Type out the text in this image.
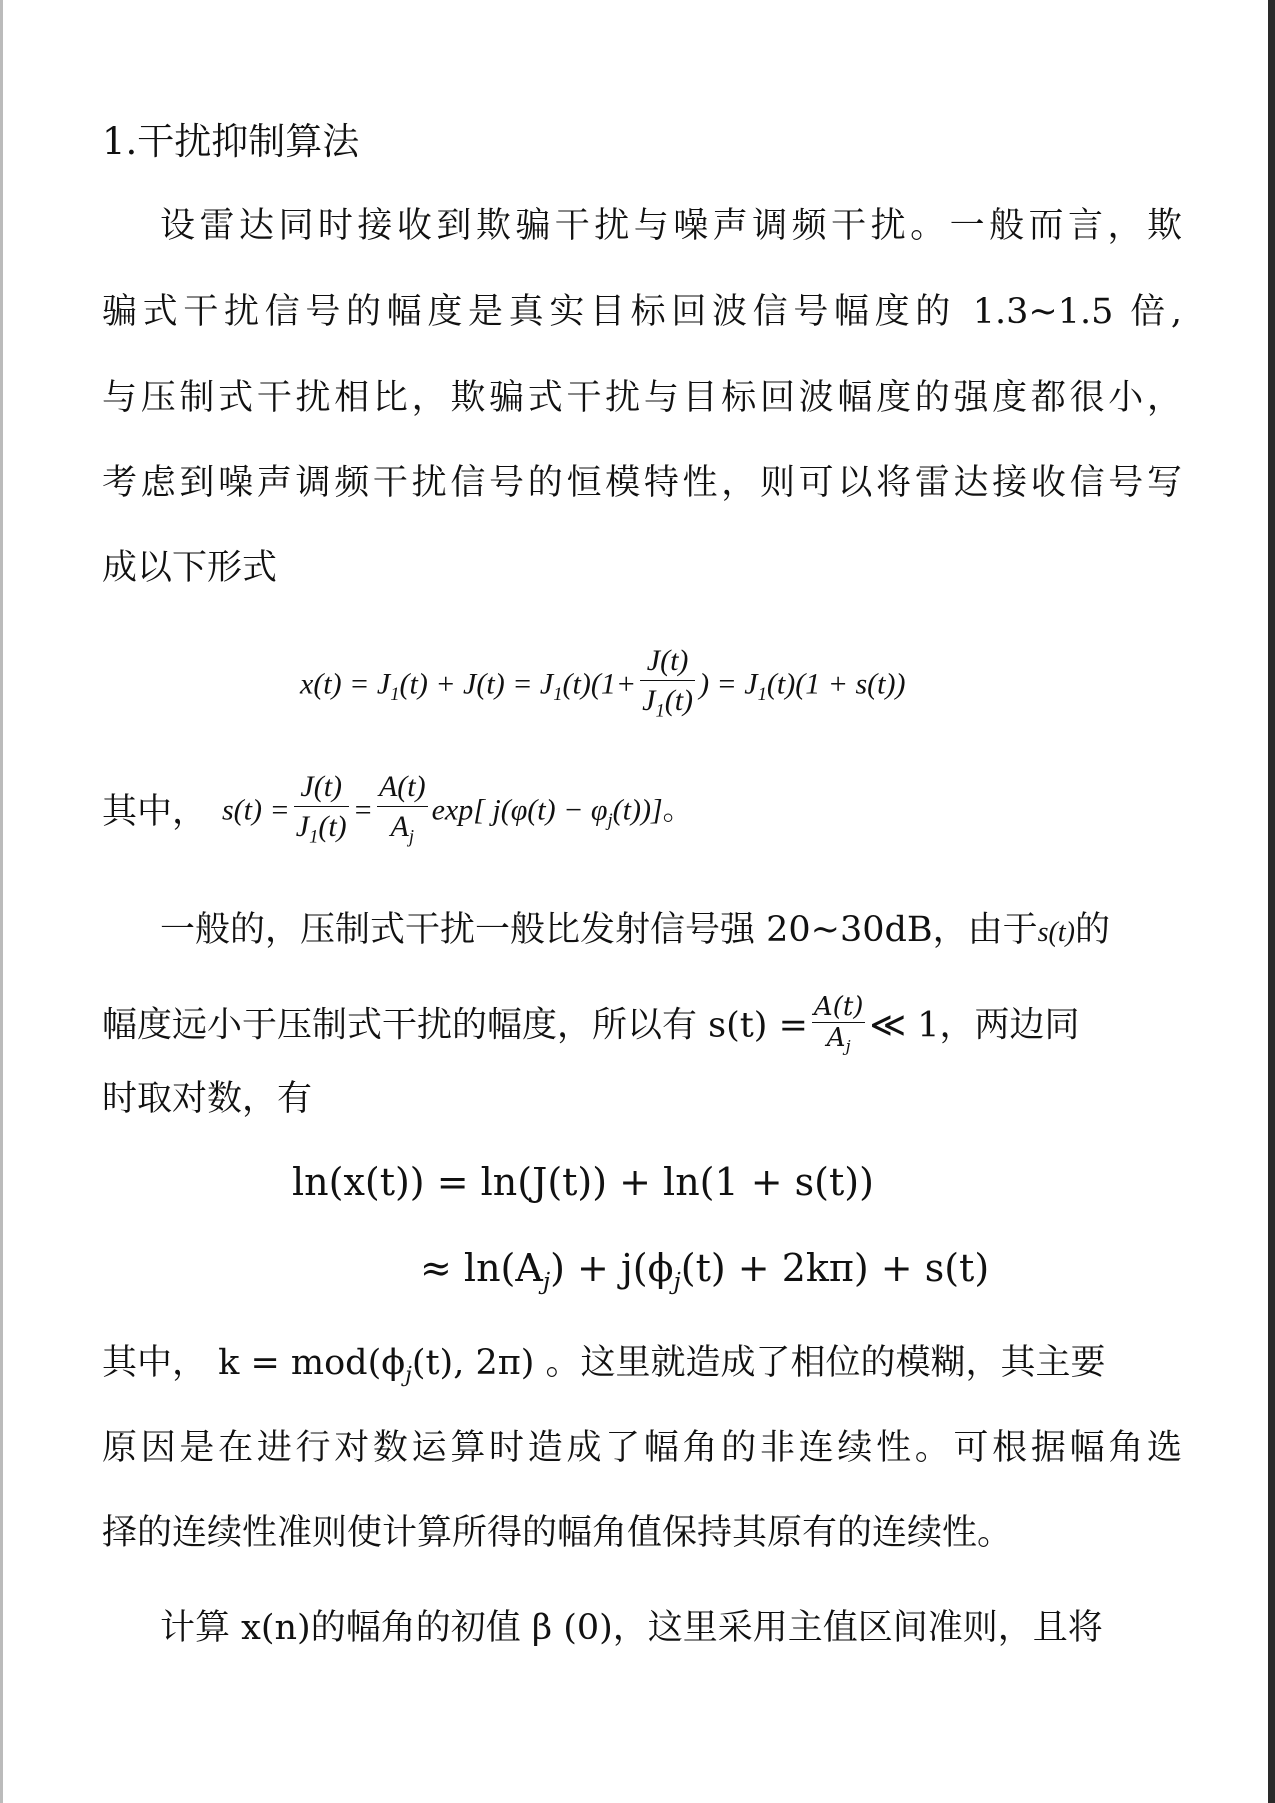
1.干扰抑制算法
设雷达同时接收到欺骗干扰与噪声调频干扰。一般而言，欺
骗式干扰信号的幅度是真实目标回波信号幅度的 1.3~1.5 倍,
与压制式干扰相比，欺骗式干扰与目标回波幅度的强度都很小，
考虑到噪声调频干扰信号的恒模特性，则可以将雷达接收信号写
成以下形式
$x(t) = J_1(t) + J(t) = J_1(t)(1+ \frac{J(t)}{J_1(t)}$ ) = $J_1(t)(1 + s(t))$
其中， $s(t) = \frac{J(t)}{J_1(t)} = \frac{A(t)}{A_j} \exp$[ $j(\varphi(t) - \varphi_j(t))$]。
一般的，压制式干扰一般比发射信号强 20~30dB，由于s(t)的
幅度远小于压制式干扰的幅度，所以有 $s(t) = \frac{A(t)}{A_j}$ ≪ 1，两边同
时取对数，有
ln(x(t)) = ln(J(t)) + ln(1 + s(t))
≈ $\ln(A_j) + j(\phi_j(t) + 2k\pi) + s(t)$
其中， $k = mod(\phi_j(t)$, 2π) 。这里就造成了相位的模糊，其主要
原因是在进行对数运算时造成了幅角的非连续性。可根据幅角选
择的连续性准则使计算所得的幅角值保持其原有的连续性。
计算 x(n)的幅角的初值 β (0)，这里采用主值区间准则，且将
